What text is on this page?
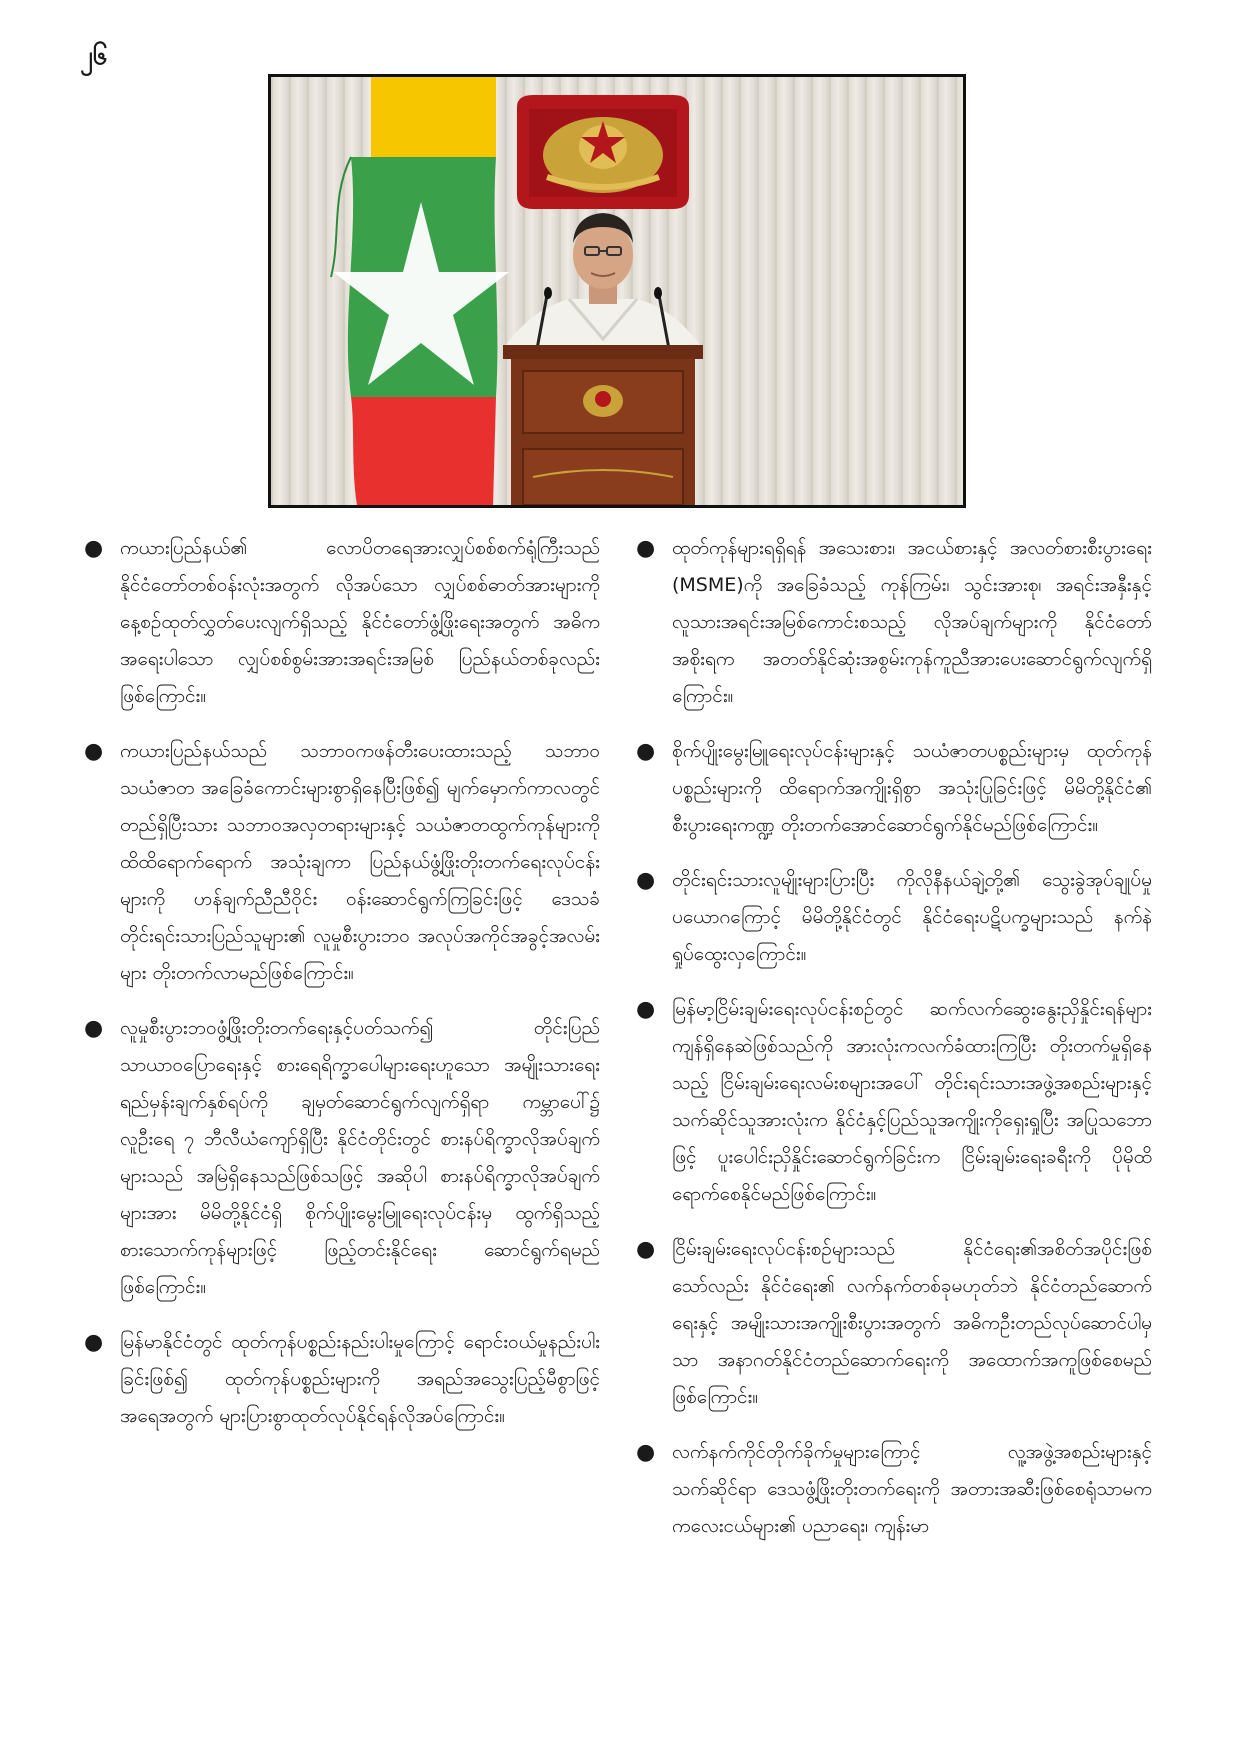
၂၆
● ကယားပြည်နယ်၏ လောပိတရေအားလျှပ်စစ်စက်ရုံကြီးသည် နိုင်ငံတော်တစ်ဝန်းလုံးအတွက် လိုအပ်သော လျှပ်စစ်ဓာတ်အားများကို နေ့စဉ်ထုတ်လွှတ်ပေးလျက်ရှိသည့် နိုင်ငံတော်ဖွံ့ဖြိုးရေးအတွက် အဓိကအရေးပါသော လျှပ်စစ်စွမ်းအားအရင်းအမြစ် ပြည်နယ်တစ်ခုလည်းဖြစ်ကြောင်း။
● ကယားပြည်နယ်သည် သဘာဝကဖန်တီးပေးထားသည့် သဘာဝသယံဇာတ အခြေခံကောင်းများစွာရှိနေပြီးဖြစ်၍ မျက်မှောက်ကာလတွင် တည်ရှိပြီးသား သဘာဝအလှတရားများနှင့် သယံဇာတထွက်ကုန်များကို ထိထိရောက်ရောက် အသုံးချကာ ပြည်နယ်ဖွံ့ဖြိုးတိုးတက်ရေးလုပ်ငန်းများကို ဟန်ချက်ညီညီဝိုင်း ဝန်းဆောင်ရွက်ကြခြင်းဖြင့် ဒေသခံတိုင်းရင်းသားပြည်သူများ၏ လူမှုစီးပွားဘဝ အလုပ်အကိုင်အခွင့်အလမ်းများ တိုးတက်လာမည်ဖြစ်ကြောင်း။
● လူမှုစီးပွားဘဝဖွံ့ဖြိုးတိုးတက်ရေးနှင့်ပတ်သက်၍ တိုင်းပြည်သာယာဝပြောရေးနှင့် စားရေရိက္ခာပေါများရေးဟူသော အမျိုးသားရေးရည်မှန်းချက်နှစ်ရပ်ကို ချမှတ်ဆောင်ရွက်လျက်ရှိရာ ကမ္ဘာပေါ်၌ လူဦးရေ ၇ ဘီလီယံကျော်ရှိပြီး နိုင်ငံတိုင်းတွင် စားနပ်ရိက္ခာလိုအပ်ချက်များသည် အမြဲရှိနေသည်ဖြစ်သဖြင့် အဆိုပါ စားနပ်ရိက္ခာလိုအပ်ချက်များအား မိမိတို့နိုင်ငံရှိ စိုက်ပျိုးမွေးမြူရေးလုပ်ငန်းမှ ထွက်ရှိသည့် စားသောက်ကုန်များဖြင့် ဖြည့်တင်းနိုင်ရေး ဆောင်ရွက်ရမည်ဖြစ်ကြောင်း။
● မြန်မာနိုင်ငံတွင် ထုတ်ကုန်ပစ္စည်းနည်းပါးမှုကြောင့် ရောင်းဝယ်မှုနည်းပါးခြင်းဖြစ်၍ ထုတ်ကုန်ပစ္စည်းများကို အရည်အသွေးပြည့်မီစွာဖြင့် အရေအတွက် များပြားစွာထုတ်လုပ်နိုင်ရန်လိုအပ်ကြောင်း။
● ထုတ်ကုန်များရရှိရန် အသေးစား၊ အငယ်စားနှင့် အလတ်စားစီးပွားရေး (MSME)ကို အခြေခံသည့် ကုန်ကြမ်း၊ သွင်းအားစု၊ အရင်းအနှီးနှင့် လူသားအရင်းအမြစ်ကောင်းစသည့် လိုအပ်ချက်များကို နိုင်ငံတော်အစိုးရက အတတ်နိုင်ဆုံးအစွမ်းကုန်ကူညီအားပေးဆောင်ရွက်လျက်ရှိကြောင်း။
● စိုက်ပျိုးမွေးမြူရေးလုပ်ငန်းများနှင့် သယံဇာတပစ္စည်းများမှ ထုတ်ကုန်ပစ္စည်းများကို ထိရောက်အကျိုးရှိစွာ အသုံးပြုခြင်းဖြင့် မိမိတို့နိုင်ငံ၏ စီးပွားရေးကဏ္ဍ တိုးတက်အောင်ဆောင်ရွက်နိုင်မည်ဖြစ်ကြောင်း။
● တိုင်းရင်းသားလူမျိုးများပြားပြီး ကိုလိုနီနယ်ချဲ့တို့၏ သွေးခွဲအုပ်ချုပ်မှုပယောဂကြောင့် မိမိတို့နိုင်ငံတွင် နိုင်ငံရေးပဋိပက္ခများသည် နက်နဲရှုပ်ထွေးလှကြောင်း။
● မြန်မာ့ငြိမ်းချမ်းရေးလုပ်ငန်းစဉ်တွင် ဆက်လက်ဆွေးနွေးညှိနှိုင်းရန်များ ကျန်ရှိနေဆဲဖြစ်သည်ကို အားလုံးကလက်ခံထားကြပြီး တိုးတက်မှုရှိနေသည့် ငြိမ်းချမ်းရေးလမ်းစများအပေါ် တိုင်းရင်းသားအဖွဲ့အစည်းများနှင့် သက်ဆိုင်သူအားလုံးက နိုင်ငံနှင့်ပြည်သူအကျိုးကိုရှေးရှုပြီး အပြုသဘောဖြင့် ပူးပေါင်းညှိနှိုင်းဆောင်ရွက်ခြင်းက ငြိမ်းချမ်းရေးခရီးကို ပိုမိုထိရောက်စေနိုင်မည်ဖြစ်ကြောင်း။
● ငြိမ်းချမ်းရေးလုပ်ငန်းစဉ်များသည် နိုင်ငံရေး၏အစိတ်အပိုင်းဖြစ်သော်လည်း နိုင်ငံရေး၏ လက်နက်တစ်ခုမဟုတ်ဘဲ နိုင်ငံတည်ဆောက်ရေးနှင့် အမျိုးသားအကျိုးစီးပွားအတွက် အဓိကဦးတည်လုပ်ဆောင်ပါမှသာ အနာဂတ်နိုင်ငံတည်ဆောက်ရေးကို အထောက်အကူဖြစ်စေမည်ဖြစ်ကြောင်း။
● လက်နက်ကိုင်တိုက်ခိုက်မှုများကြောင့် လူ့အဖွဲ့အစည်းများနှင့် သက်ဆိုင်ရာ ဒေသဖွံ့ဖြိုးတိုးတက်ရေးကို အတားအဆီးဖြစ်စေရုံသာမက ကလေးငယ်များ၏ ပညာရေး၊ ကျန်းမာ
